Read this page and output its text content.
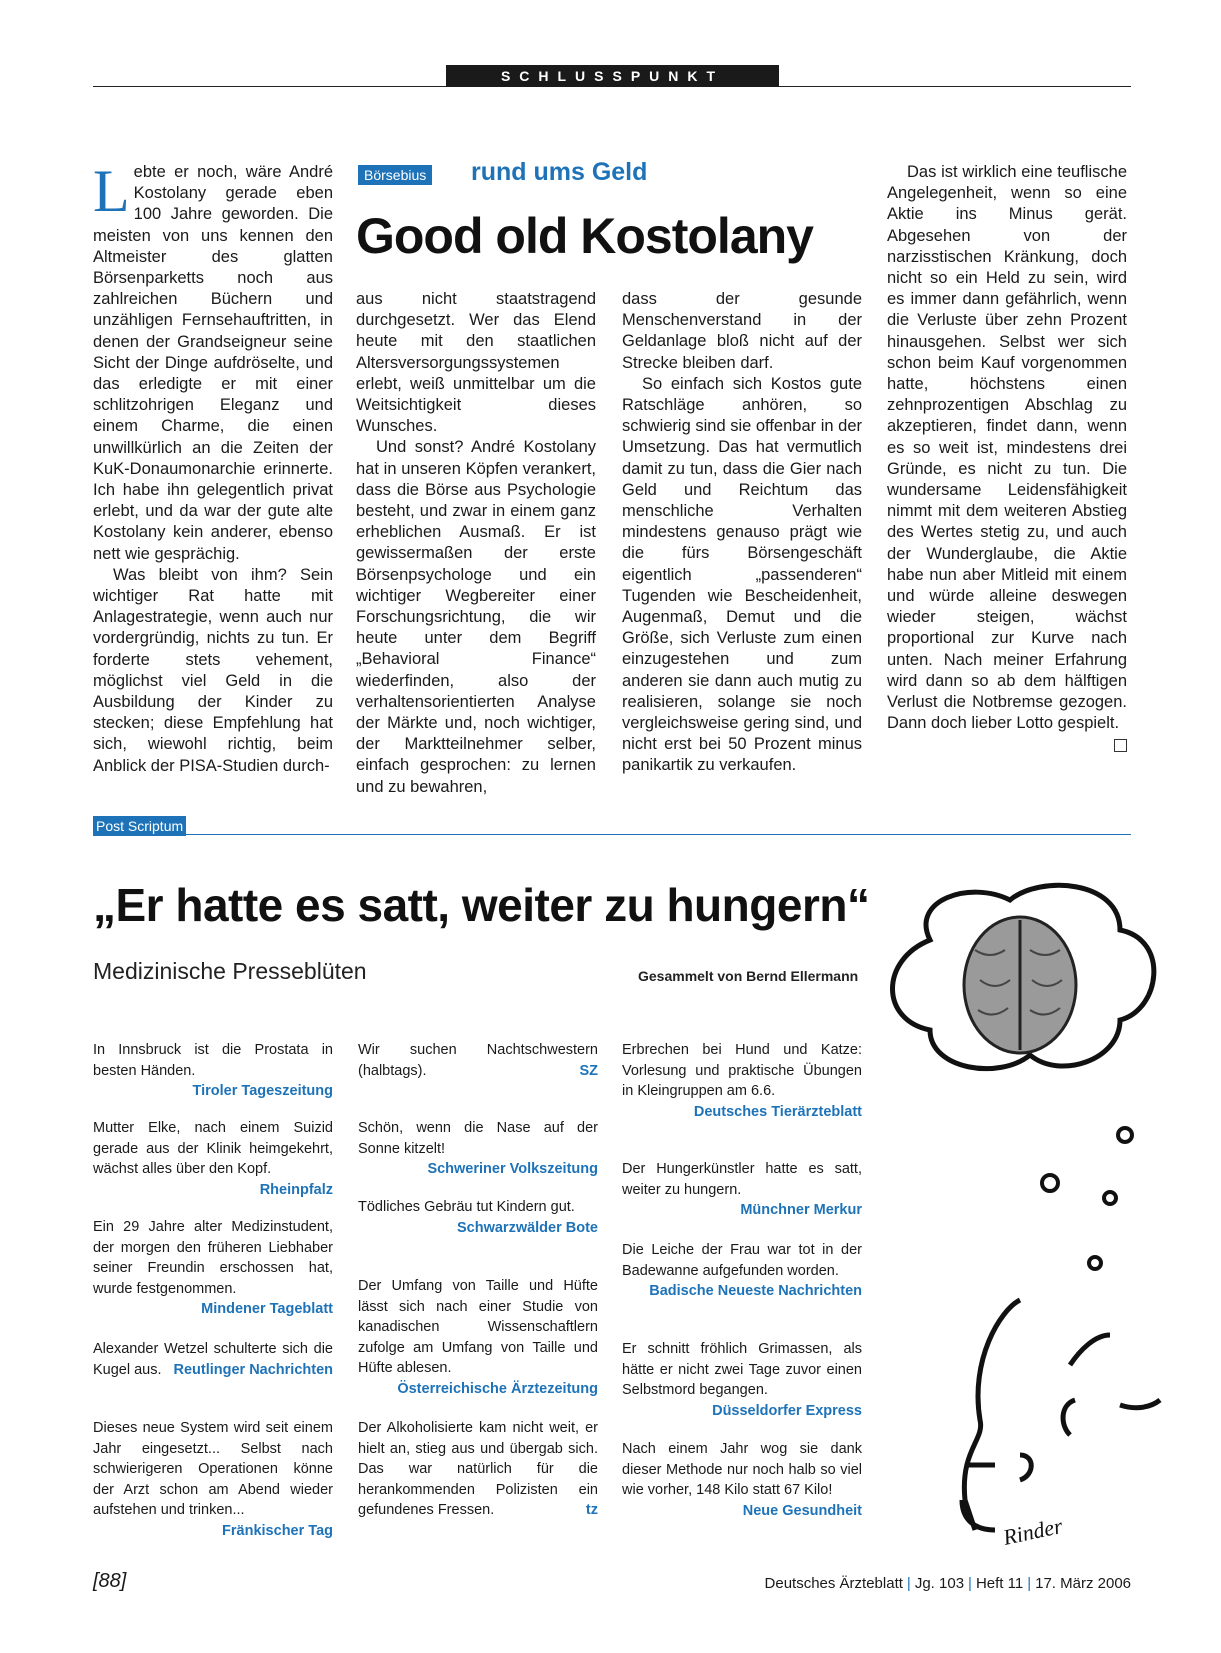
SCHLUSSPUNKT

Lebte er noch, wäre André Kostolany gerade eben 100 Jahre geworden. Die meisten von uns kennen den Altmeister des glatten Börsenparketts noch aus zahlreichen Büchern und unzähligen Fernsehauftritten, in denen der Grandseigneur seine Sicht der Dinge aufdröselte, und das erledigte er mit einer schlitzohrigen Eleganz und einem Charme, die einen unwillkürlich an die Zeiten der KuK-Donaumonarchie erinnerte. Ich habe ihn gelegentlich privat erlebt, und da war der gute alte Kostolany kein anderer, ebenso nett wie gesprächig.

Was bleibt von ihm? Sein wichtiger Rat hatte mit Anlagestrategie, wenn auch nur vordergründig, nichts zu tun. Er forderte stets vehement, möglichst viel Geld in die Ausbildung der Kinder zu stecken; diese Empfehlung hat sich, wiewohl richtig, beim Anblick der PISA-Studien durch-

Börsebius rund ums Geld
Good old Kostolany

aus nicht staatstragend durchgesetzt. Wer das Elend heute mit den staatlichen Altersversorgungssystemen erlebt, weiß unmittelbar um die Weitsichtigkeit dieses Wunsches.

Und sonst? André Kostolany hat in unseren Köpfen verankert, dass die Börse aus Psychologie besteht, und zwar in einem ganz erheblichen Ausmaß. Er ist gewissermaßen der erste Börsenpsychologe und ein wichtiger Wegbereiter einer Forschungsrichtung, die wir heute unter dem Begriff „Behavioral Finance“ wiederfinden, also der verhaltensorientierten Analyse der Märkte und, noch wichtiger, der Marktteilnehmer selber, einfach gesprochen: zu lernen und zu bewahren,

dass der gesunde Menschenverstand in der Geldanlage bloß nicht auf der Strecke bleiben darf.

So einfach sich Kostos gute Ratschläge anhören, so schwierig sind sie offenbar in der Umsetzung. Das hat vermutlich damit zu tun, dass die Gier nach Geld und Reichtum das menschliche Verhalten mindestens genauso prägt wie die fürs Börsengeschäft eigentlich „passenderen“ Tugenden wie Bescheidenheit, Augenmaß, Demut und die Größe, sich Verluste zum einen einzugestehen und zum anderen sie dann auch mutig zu realisieren, solange sie noch vergleichsweise gering sind, und nicht erst bei 50 Prozent minus panikartik zu verkaufen.

Das ist wirklich eine teuflische Angelegenheit, wenn so eine Aktie ins Minus gerät. Abgesehen von der narzisstischen Kränkung, doch nicht so ein Held zu sein, wird es immer dann gefährlich, wenn die Verluste über zehn Prozent hinausgehen. Selbst wer sich schon beim Kauf vorgenommen hatte, höchstens einen zehnprozentigen Abschlag zu akzeptieren, findet dann, wenn es so weit ist, mindestens drei Gründe, es nicht zu tun. Die wundersame Leidensfähigkeit nimmt mit dem weiteren Abstieg des Wertes stetig zu, und auch der Wunderglaube, die Aktie habe nun aber Mitleid mit einem und würde alleine deswegen wieder steigen, wächst proportional zur Kurve nach unten. Nach meiner Erfahrung wird dann so ab dem hälftigen Verlust die Notbremse gezogen. Dann doch lieber Lotto gespielt.

Post Scriptum
„Er hatte es satt, weiter zu hungern“
Medizinische Presseblüten	Gesammelt von Bernd Ellermann
In Innsbruck ist die Prostata in besten Händen.
Tiroler Tageszeitung
Mutter Elke, nach einem Suizid gerade aus der Klinik heimgekehrt, wächst alles über den Kopf.
Rheinpfalz
Ein 29 Jahre alter Medizinstudent, der morgen den früheren Liebhaber seiner Freundin erschossen hat, wurde festgenommen.
Mindener Tageblatt
Alexander Wetzel schulterte sich die Kugel aus. Reutlinger Nachrichten
Dieses neue System wird seit einem Jahr eingesetzt... Selbst nach schwierigeren Operationen könne der Arzt schon am Abend wieder aufstehen und trinken...
Fränkischer Tag
Wir suchen Nachtschwestern (halbtags).	SZ
Schön, wenn die Nase auf der Sonne kitzelt!
Schweriner Volkszeitung
Tödliches Gebräu tut Kindern gut.
Schwarzwälder Bote
Der Umfang von Taille und Hüfte lässt sich nach einer Studie von kanadischen Wissenschaftlern zufolge am Umfang von Taille und Hüfte ablesen.
Österreichische Ärztezeitung
Der Alkoholisierte kam nicht weit, er hielt an, stieg aus und übergab sich. Das war natürlich für die herankommenden Polizisten ein gefundenes Fressen.	tz
Erbrechen bei Hund und Katze: Vorlesung und praktische Übungen in Kleingruppen am 6.6.
Deutsches Tierärzteblatt
Der Hungerkünstler hatte es satt, weiter zu hungern.
Münchner Merkur
Die Leiche der Frau war tot in der Badewanne aufgefunden worden.
Badische Neueste Nachrichten
Er schnitt fröhlich Grimassen, als hätte er nicht zwei Tage zuvor einen Selbstmord begangen.
Düsseldorfer Express
Nach einem Jahr wog sie dank dieser Methode nur noch halb so viel wie vorher, 148 Kilo statt 67 Kilo!
Neue Gesundheit
Rinder
[88]	Deutsches Ärzteblatt | Jg. 103 | Heft 11 | 17. März 2006
